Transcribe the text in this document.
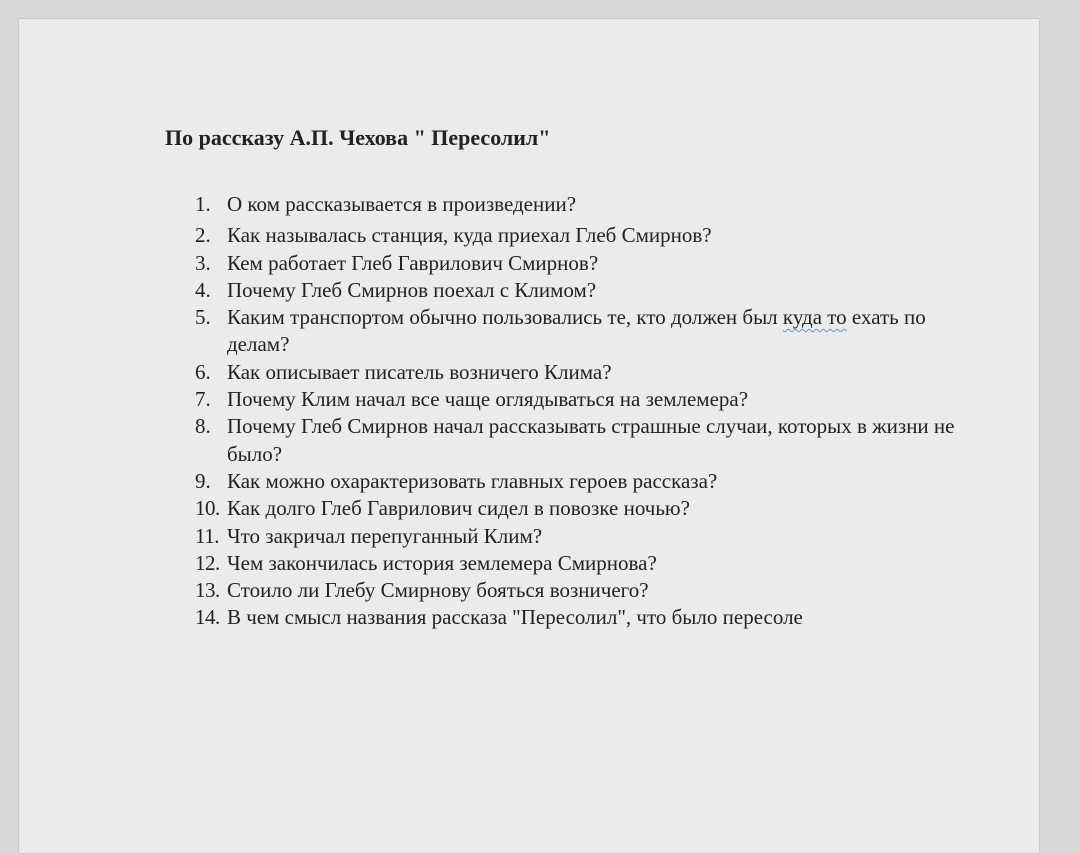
По рассказу А.П. Чехова " Пересолил"
1. О ком рассказывается в произведении?
2. Как называлась станция, куда приехал Глеб Смирнов?
3. Кем работает Глеб Гаврилович Смирнов?
4. Почему Глеб Смирнов поехал с Климом?
5. Каким транспортом обычно пользовались те, кто должен был куда то ехать по делам?
6. Как описывает писатель возничего Клима?
7. Почему Клим начал все чаще оглядываться на землемера?
8. Почему Глеб Смирнов начал рассказывать страшные случаи, которых в жизни не было?
9. Как можно охарактеризовать главных героев рассказа?
10. Как долго Глеб Гаврилович сидел в повозке ночью?
11. Что закричал перепуганный Клим?
12. Чем закончилась история землемера Смирнова?
13. Стоило ли Глебу Смирнову бояться возничего?
14. В чем смысл названия рассказа "Пересолил", что было пересоле
